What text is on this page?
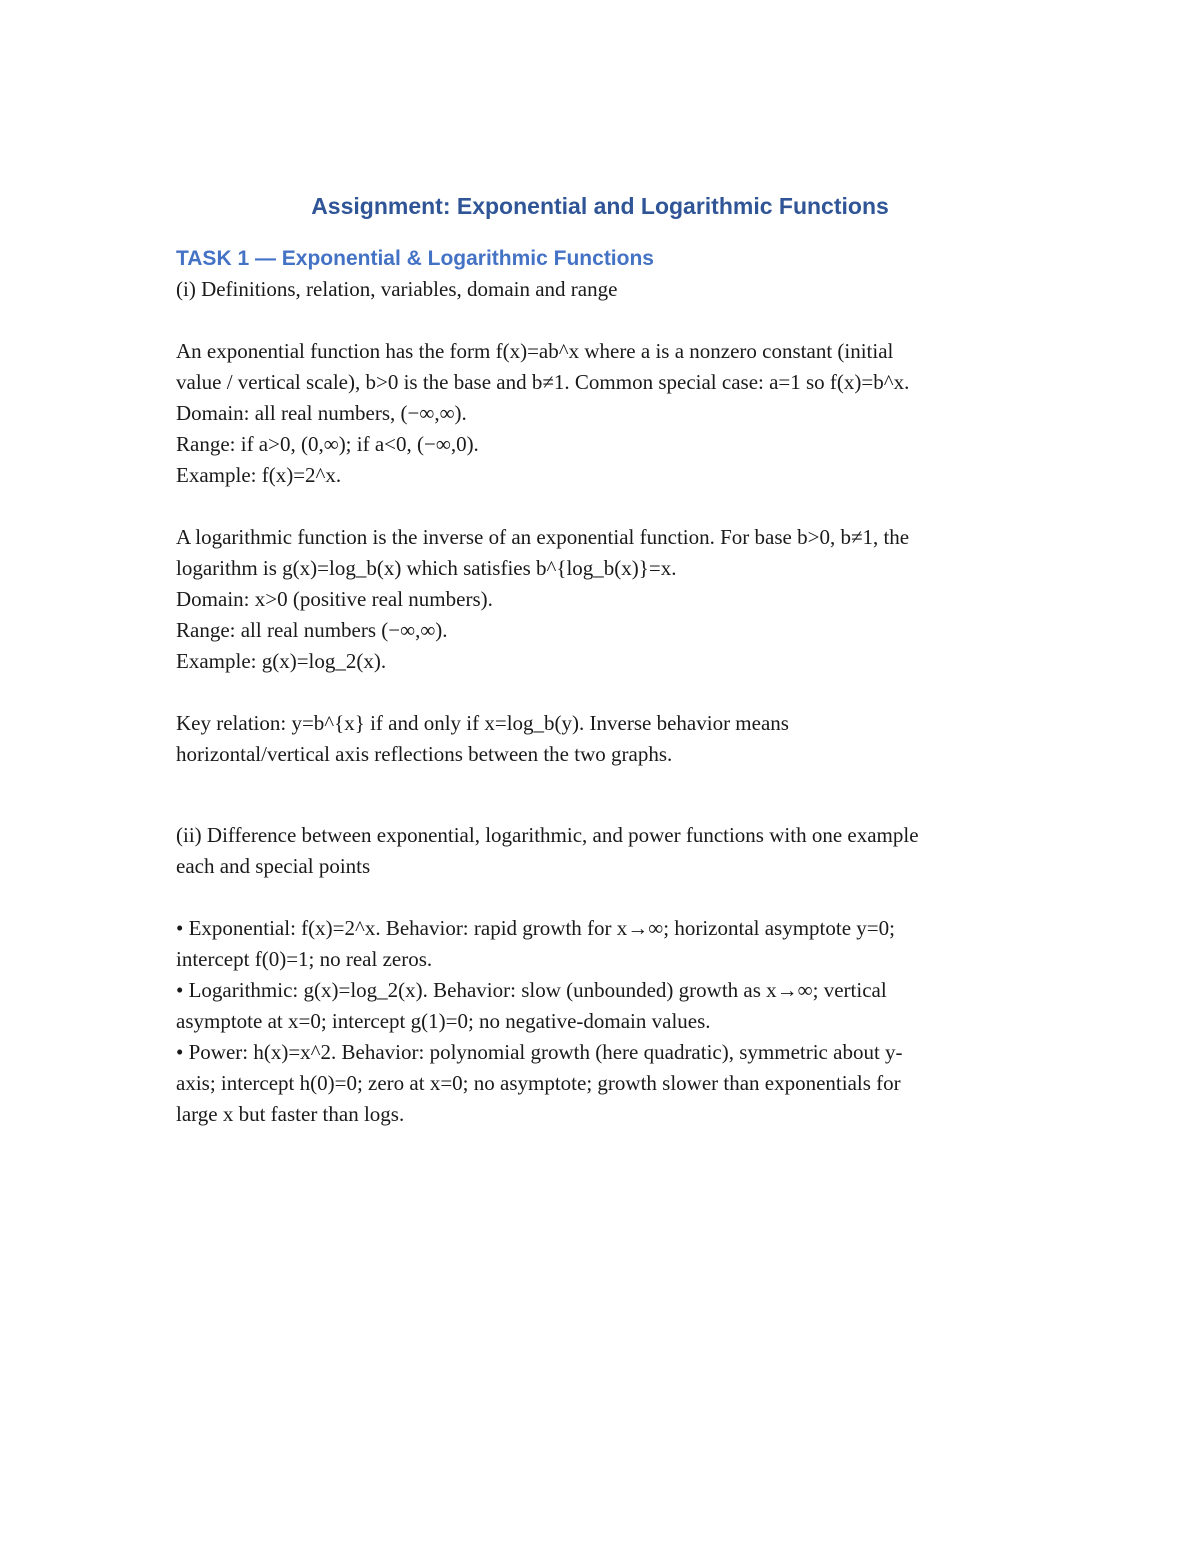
Assignment: Exponential and Logarithmic Functions
TASK 1 — Exponential & Logarithmic Functions

(i) Definitions, relation, variables, domain and range

An exponential function has the form f(x)=ab^x where a is a nonzero constant (initial

value / vertical scale), b>0 is the base and b≠1. Common special case: a=1 so f(x)=b^x.

Domain: all real numbers, (−∞,∞).

Range: if a>0, (0,∞); if a<0, (−∞,0).

Example: f(x)=2^x.

A logarithmic function is the inverse of an exponential function. For base b>0, b≠1, the

logarithm is g(x)=log_b(x) which satisfies b^{log_b(x)}=x.

Domain: x>0 (positive real numbers).

Range: all real numbers (−∞,∞).

Example: g(x)=log_2(x).

Key relation: y=b^{x} if and only if x=log_b(y). Inverse behavior means

horizontal/vertical axis reflections between the two graphs.

(ii) Difference between exponential, logarithmic, and power functions with one example

each and special points

• Exponential: f(x)=2^x. Behavior: rapid growth for x→∞; horizontal asymptote y=0;

intercept f(0)=1; no real zeros.

• Logarithmic: g(x)=log_2(x). Behavior: slow (unbounded) growth as x→∞; vertical

asymptote at x=0; intercept g(1)=0; no negative-domain values.

• Power: h(x)=x^2. Behavior: polynomial growth (here quadratic), symmetric about y-

axis; intercept h(0)=0; zero at x=0; no asymptote; growth slower than exponentials for

large x but faster than logs.
